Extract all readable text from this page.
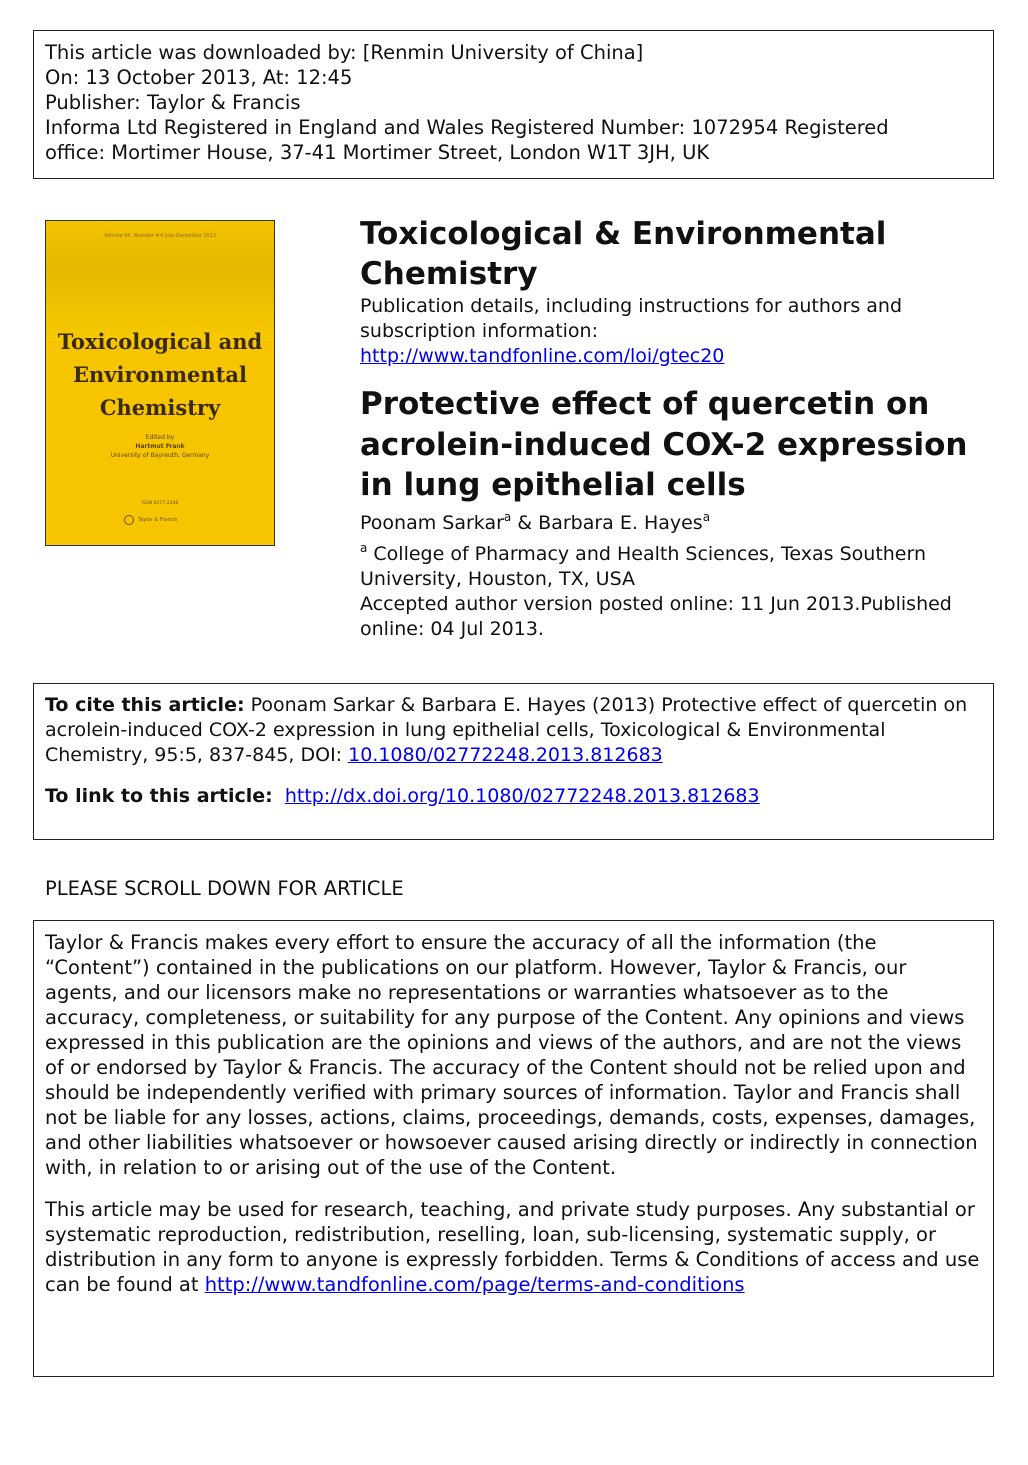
This article was downloaded by: [Renmin University of China]
On: 13 October 2013, At: 12:45
Publisher: Taylor & Francis
Informa Ltd Registered in England and Wales Registered Number: 1072954 Registered
office: Mortimer House, 37-41 Mortimer Street, London W1T 3JH, UK
Volume 95, Number 4-6 July-December 2013
Toxicological and Environmental Chemistry
Edited by
Hartmut Frank
University of Bayreuth, Germany
ISSN 0277-2248
Taylor & Francis
Toxicological & Environmental Chemistry
Publication details, including instructions for authors and subscription information:
http://www.tandfonline.com/loi/gtec20
Protective effect of quercetin on acrolein-induced COX-2 expression in lung epithelial cells
Poonam Sarkar$^a$ & Barbara E. Hayes$^a$
$^a$ College of Pharmacy and Health Sciences, Texas Southern University, Houston, TX, USA
Accepted author version posted online: 11 Jun 2013.Published online: 04 Jul 2013.
To cite this article: Poonam Sarkar & Barbara E. Hayes (2013) Protective effect of quercetin on acrolein-induced COX-2 expression in lung epithelial cells, Toxicological & Environmental Chemistry, 95:5, 837-845, DOI: 10.1080/02772248.2013.812683
To link to this article: http://dx.doi.org/10.1080/02772248.2013.812683
PLEASE SCROLL DOWN FOR ARTICLE

Taylor & Francis makes every effort to ensure the accuracy of all the information (the “Content”) contained in the publications on our platform. However, Taylor & Francis, our agents, and our licensors make no representations or warranties whatsoever as to the accuracy, completeness, or suitability for any purpose of the Content. Any opinions and views expressed in this publication are the opinions and views of the authors, and are not the views of or endorsed by Taylor & Francis. The accuracy of the Content should not be relied upon and should be independently verified with primary sources of information. Taylor and Francis shall not be liable for any losses, actions, claims, proceedings, demands, costs, expenses, damages, and other liabilities whatsoever or howsoever caused arising directly or indirectly in connection with, in relation to or arising out of the use of the Content.

This article may be used for research, teaching, and private study purposes. Any substantial or systematic reproduction, redistribution, reselling, loan, sub-licensing, systematic supply, or distribution in any form to anyone is expressly forbidden. Terms & Conditions of access and use can be found at http://www.tandfonline.com/page/terms-and-conditions
